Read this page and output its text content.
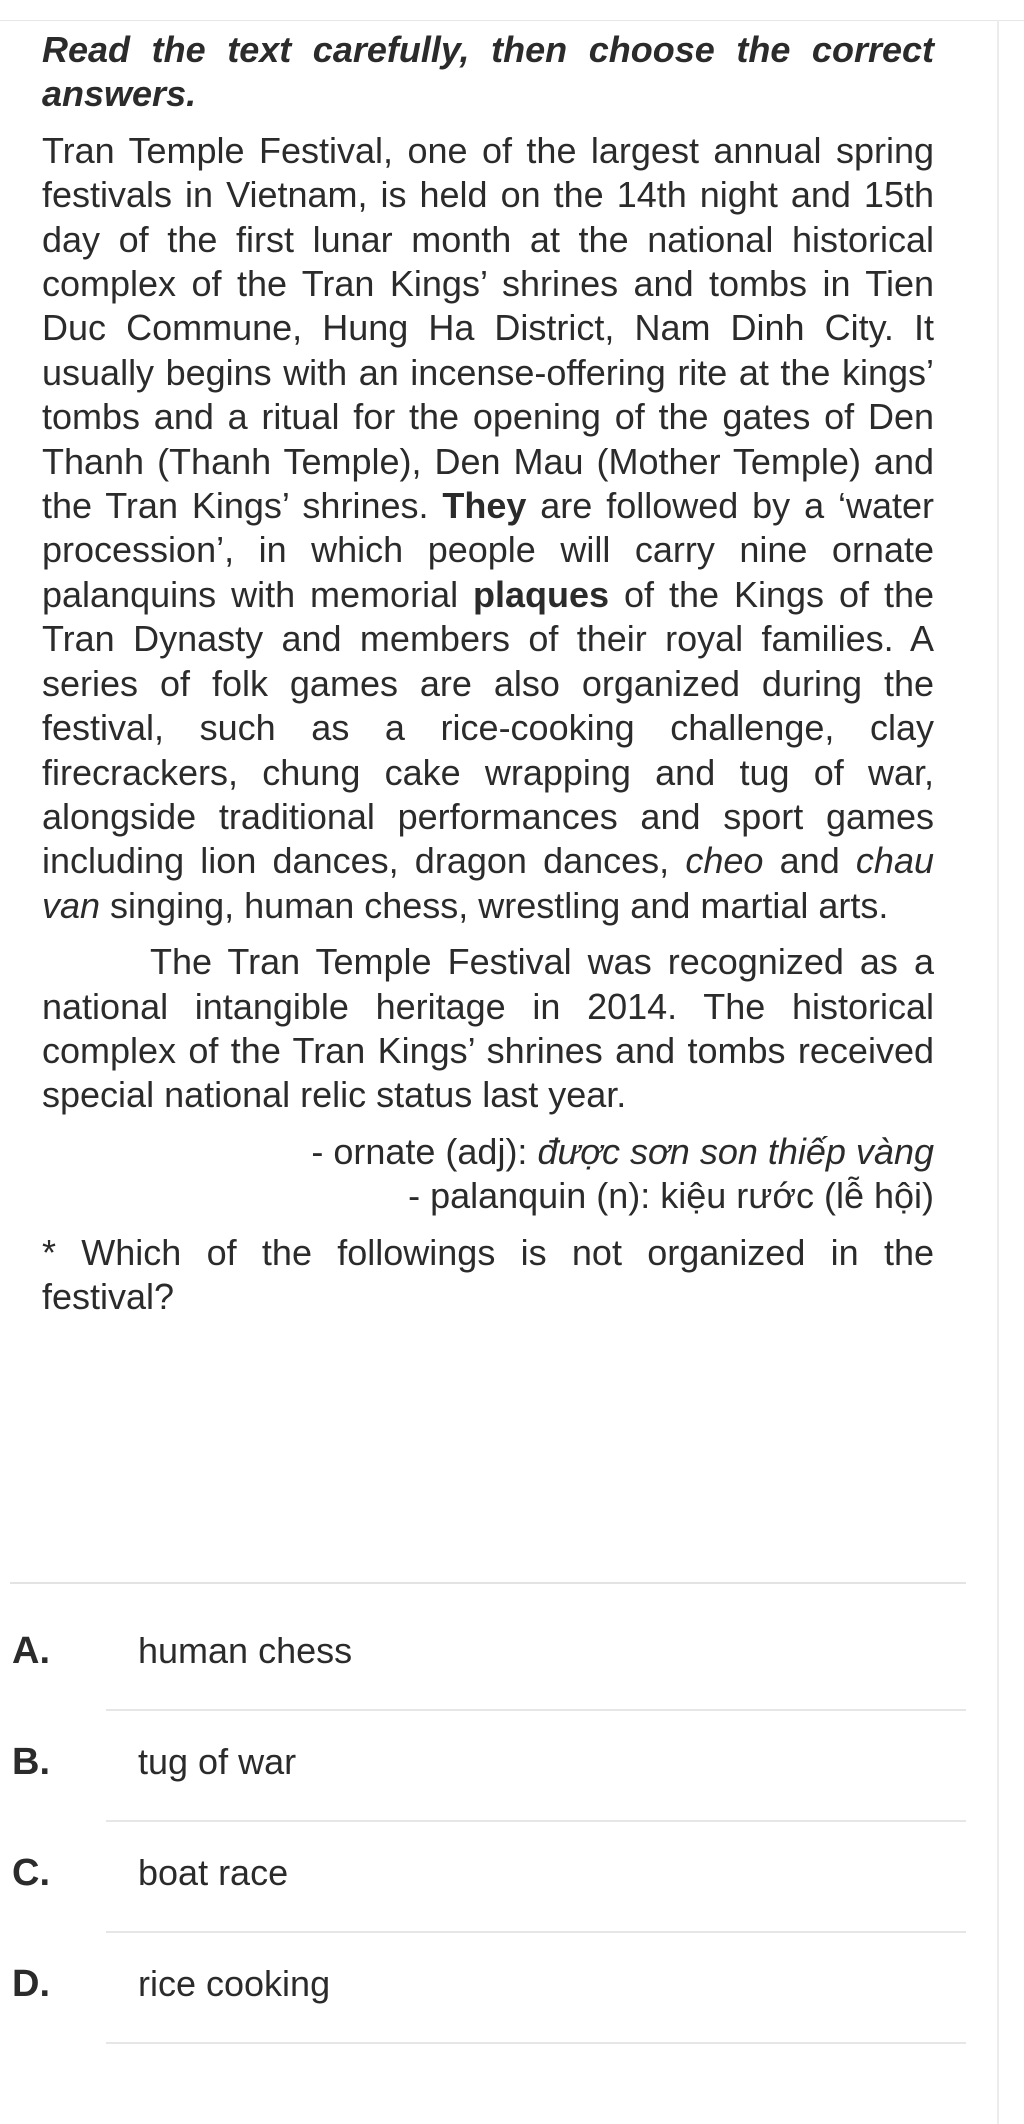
Read the text carefully, then choose the correct answers.

Tran Temple Festival, one of the largest annual spring festivals in Vietnam, is held on the 14th night and 15th day of the first lunar month at the national historical complex of the Tran Kings’ shrines and tombs in Tien Duc Commune, Hung Ha District, Nam Dinh City. It usually begins with an incense-offering rite at the kings’ tombs and a ritual for the opening of the gates of Den Thanh (Thanh Temple), Den Mau (Mother Temple) and the Tran Kings’ shrines. They are followed by a ‘water procession’, in which people will carry nine ornate palanquins with memorial plaques of the Kings of the Tran Dynasty and members of their royal families. A series of folk games are also organized during the festival, such as a rice-cooking challenge, clay firecrackers, chung cake wrapping and tug of war, alongside traditional performances and sport games including lion dances, dragon dances, cheo and chau van singing, human chess, wrestling and martial arts.

The Tran Temple Festival was recognized as a national intangible heritage in 2014. The historical complex of the Tran Kings’ shrines and tombs received special national relic status last year.

- ornate (adj): được sơn son thiếp vàng

- palanquin (n): kiệu rước (lễ hội)

* Which of the followings is not organized in the festival?

A. human chess
B. tug of war
C. boat race
D. rice cooking
